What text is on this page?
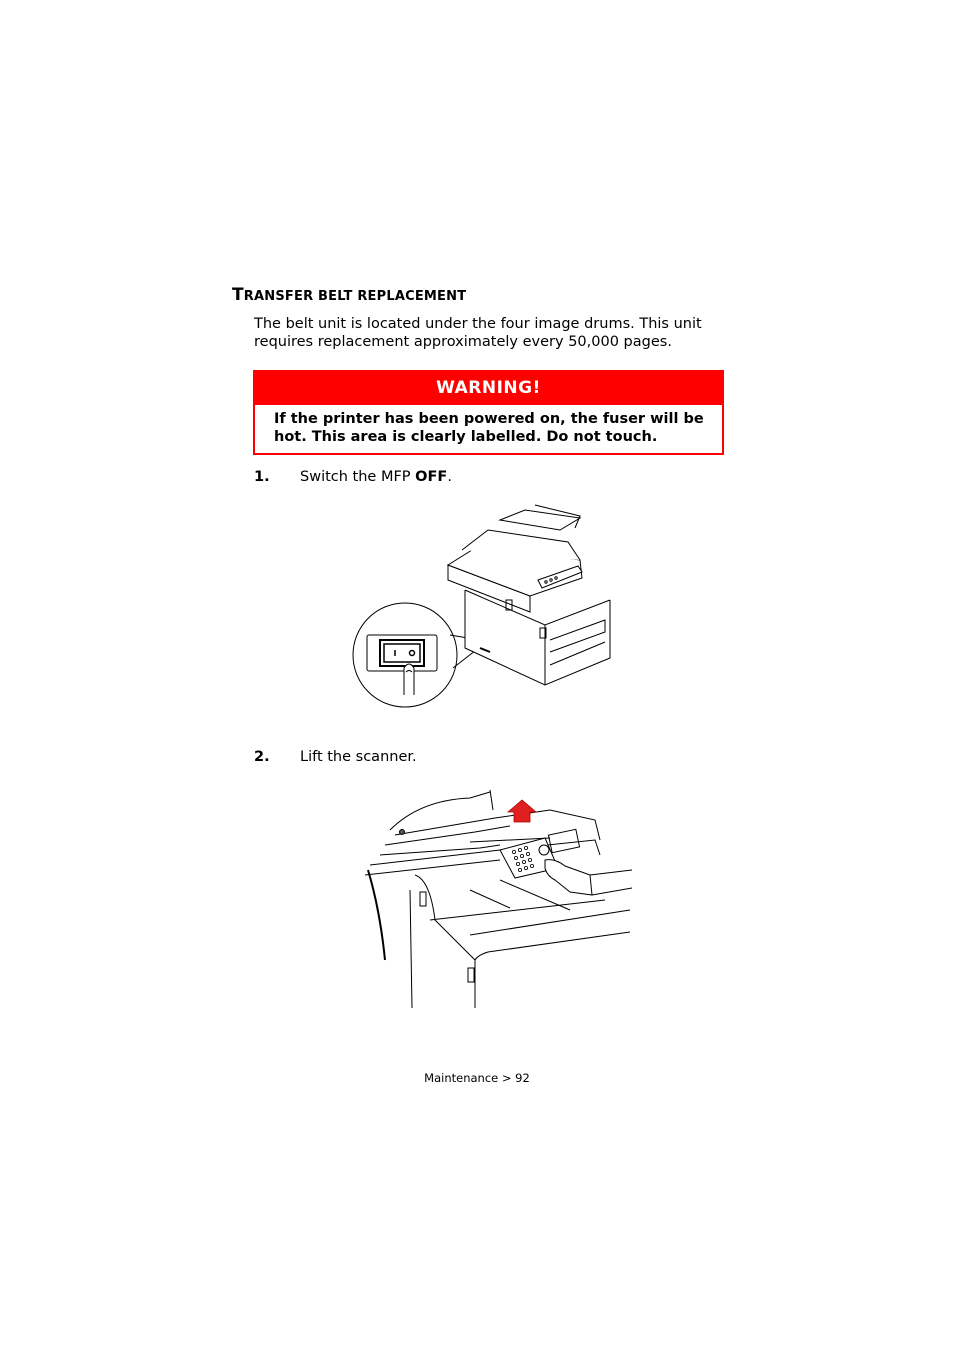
TRANSFER BELT REPLACEMENT
The belt unit is located under the four image drums. This unit requires replacement approximately every 50,000 pages.
WARNING!
If the printer has been powered on, the fuser will be hot. This area is clearly labelled. Do not touch.
1. Switch the MFP OFF.
2. Lift the scanner.
Maintenance > 92
